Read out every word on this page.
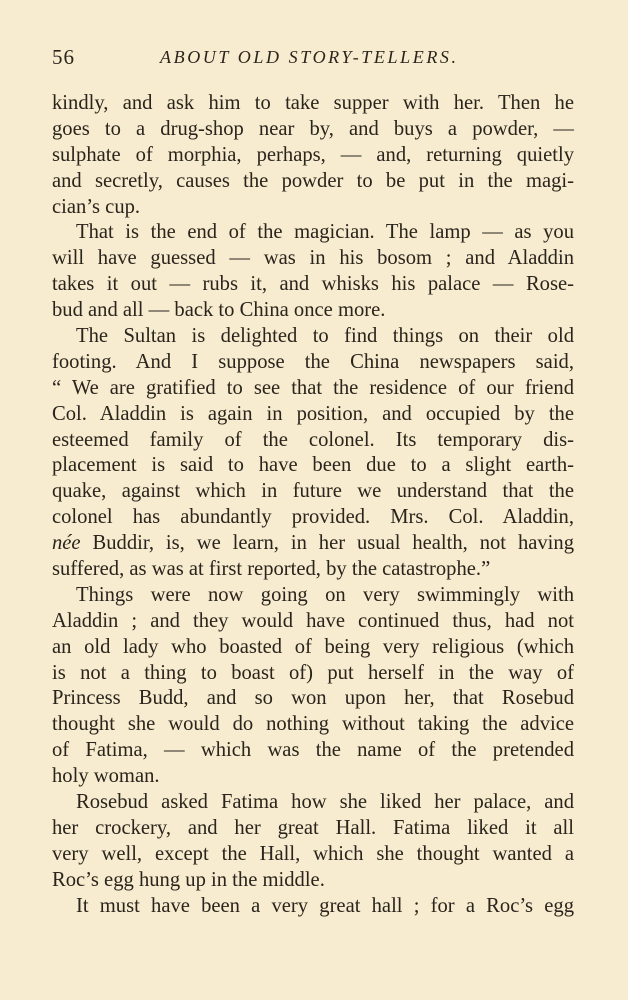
56	ABOUT OLD STORY-TELLERS.
kindly, and ask him to take supper with her. Then he
goes to a drug-shop near by, and buys a powder, —
sulphate of morphia, perhaps, — and, returning quietly
and secretly, causes the powder to be put in the magi-
cian’s cup.
That is the end of the magician. The lamp — as you
will have guessed — was in his bosom ; and Aladdin
takes it out — rubs it, and whisks his palace — Rose-
bud and all — back to China once more.
The Sultan is delighted to find things on their old
footing. And I suppose the China newspapers said,
“ We are gratified to see that the residence of our friend
Col. Aladdin is again in position, and occupied by the
esteemed family of the colonel. Its temporary dis-
placement is said to have been due to a slight earth-
quake, against which in future we understand that the
colonel has abundantly provided. Mrs. Col. Aladdin,
née Buddir, is, we learn, in her usual health, not having
suffered, as was at first reported, by the catastrophe.”
Things were now going on very swimmingly with
Aladdin ; and they would have continued thus, had not
an old lady who boasted of being very religious (which
is not a thing to boast of) put herself in the way of
Princess Budd, and so won upon her, that Rosebud
thought she would do nothing without taking the advice
of Fatima, — which was the name of the pretended
holy woman.
Rosebud asked Fatima how she liked her palace, and
her crockery, and her great Hall. Fatima liked it all
very well, except the Hall, which she thought wanted a
Roc’s egg hung up in the middle.
It must have been a very great hall ; for a Roc’s egg
